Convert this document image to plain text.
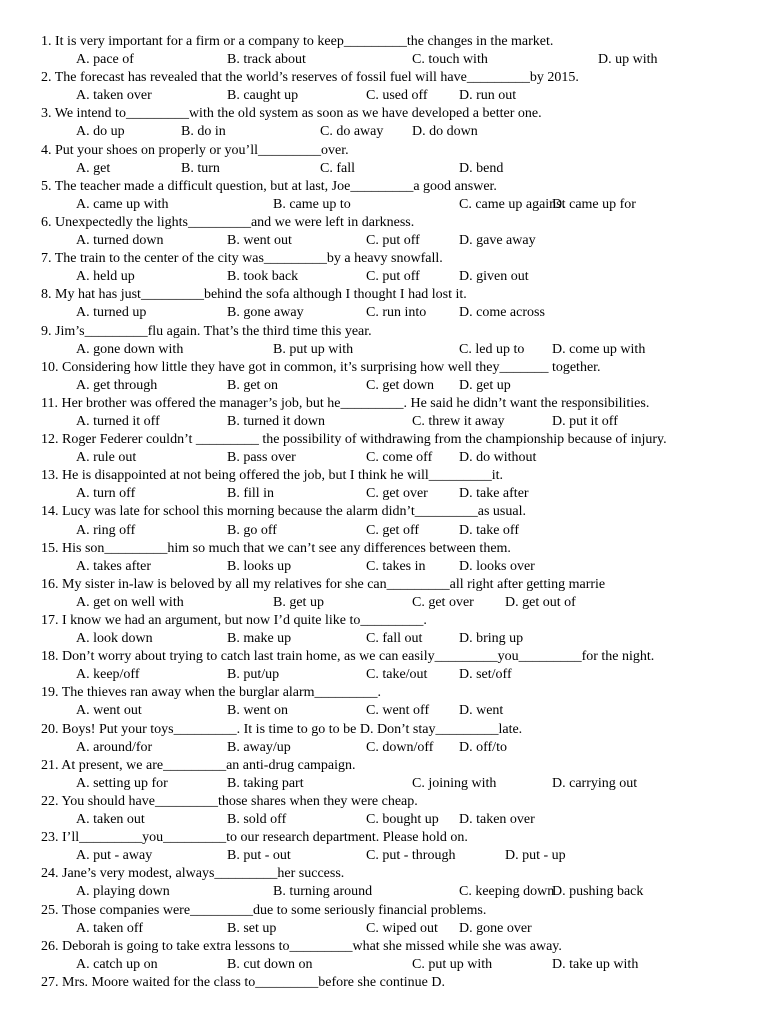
1. It is very important for a firm or a company to keep_________the changes in the market.
A. pace of	B. track about	C. touch with	D. up with
2. The forecast has revealed that the world’s reserves of fossil fuel will have_________by 2015.
A. taken over	B. caught up	C. used off D. run out
3. We intend to_________with the old system as soon as we have developed a better one.
A. do up	B. do in	C. do away D. do down
4. Put your shoes on properly or you’ll_________over.
A. get	B. turn	C. fall	D. bend
5. The teacher made a difficult question, but at last, Joe_________a good answer.
A. came up with	B. came up to	C. came up against
D. came up for
6. Unexpectedly the lights_________and we were left in darkness.
A. turned down	B. went out	C. put off	D. gave away
7. The train to the center of the city was_________by a heavy snowfall.
A. held up	B. took back	C. put off	D. given out
8. My hat has just_________behind the sofa although I thought I had lost it.
A. turned up	B. gone away	C. run into D. come across
9. Jim’s_________flu again. That’s the third time this year.
A. gone down with	B. put up with	C. led up to D. come up with
10. Considering how little they have got in common, it’s surprising how well they_______ together.
A. get through	B. get on	C. get down D. get up
11. Her brother was offered the manager’s job, but he_________. He said he didn’t want the responsibilities.
A. turned it off	B. turned it down	C. threw it away	D. put it off
12. Roger Federer couldn’t _________ the possibility of withdrawing from the championship because of injury.
A. rule out	B. pass over	C. come off D. do without
13. He is disappointed at not being offered the job, but I think he will_________it.
A. turn off	B. fill in	C. get over D. take after
14. Lucy was late for school this morning because the alarm didn’t_________as usual.
A. ring off	B. go off	C. get off	D. take off
15. His son_________him so much that we can’t see any differences between them.
A. takes after	B. looks up	C. takes in D. looks over
16. My sister in-law is beloved by all my relatives for she can_________all right after getting marrie
A. get on well with	B. get up	C. get over D. get out of
17. I know we had an argument, but now I’d quite like to_________.
A. look down	B. make up	C. fall out	D. bring up
18. Don’t worry about trying to catch last train home, as we can easily_________you_________for the night.
A. keep/off	B. put/up	C. take/out D. set/off
19. The thieves ran away when the burglar alarm_________.
A. went out	B. went on	C. went off D. went
20. Boys! Put your toys_________. It is time to go to be D. Don’t stay_________late.
A. around/for	B. away/up	C. down/off D. off/to
21. At present, we are_________an anti-drug campaign.
A. setting up for	B. taking part	C. joining with	D. carrying out
22. You should have_________those shares when they were cheap.
A. taken out	B. sold off	C. bought up D. taken over
23. I’ll_________you_________to our research department. Please hold on.
A. put - away	B. put - out	C. put - through	D. put - up
24. Jane’s very modest, always_________her success.
A. playing down	B. turning around	C. keeping down
D. pushing back
25. Those companies were_________due to some seriously financial problems.
A. taken off	B. set up	C. wiped out D. gone over
26. Deborah is going to take extra lessons to_________what she missed while she was away.
A. catch up on	B. cut down on	C. put up with	D. take up with
27. Mrs. Moore waited for the class to_________before she continue D.
